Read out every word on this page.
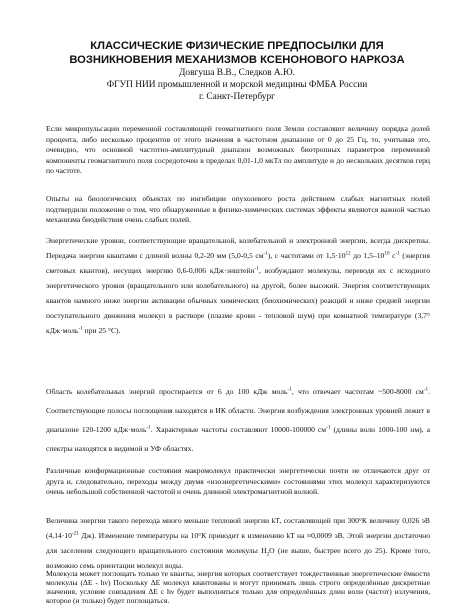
КЛАССИЧЕСКИЕ ФИЗИЧЕСКИЕ ПРЕДПОСЫЛКИ ДЛЯ

ВОЗНИКНОВЕНИЯ МЕХАНИЗМОВ КСЕНОНОВОГО НАРКОЗА

Довгуша В.В., Следков А.Ю.

ФГУП НИИ промышленной и морской медицины ФМБА России

г. Санкт-Петербург

Если микропульсации переменной составляющей геомагнитного поля Земли составляют величину порядка долей процента, либо несколько процентов от этого значения в частотном диапазоне от 0 до 25 Гц, то, учитывая это, очевидно, что основной частотно-амплитудный диапазон возможных биотропных параметров переменной компоненты геомагнитного поля сосредоточен в пределах 0,01-1,0 мкТл по амплитуде и до нескольких десятков герц по частоте.

Опыты на биологических объектах по ингибиции опухолевого роста действием слабых магнитных полей подтвердили положение о том, что обнаруженные в физико-химических системах эффекты являются важной частью механизма биодействия очень слабых полей.

Энергетические уровни, соответствующие вращательной, колебательной и электронной энергии, всегда дискретны. Передача энергии квантами с длиной волны 0,2-20 мм (5,0-0,5 $см^{-1}$), с частотами от $1,5\cdot 10^{12}$ до $1,5-10^{10}$ $с^{-1}$ (энергия световых квантов), несущих энергию 0,6-0,006 кДж·энштейн$^{-1}$, возбуждают молекулы, переводя их с исходного энергетического уровня (вращательного или колебательного) на другой, более высокий. Энергия соответствующих квантов намного ниже энергии активации обычных химических (биохимических) реакций и ниже средней энергии поступательного движения молекул в растворе (плазме крови - тепловой шум) при комнатной температуре (3,7° кДж·моль$^{-1}$ при 25 °С).

Область колебательных энергий простирается от 6 до 100 кДж моль$^{-1}$, что отвечает частотам ~500-8000 $см^{-1}$. Соответствующие полосы поглощения находятся в ИК области. Энергия возбуждения электронных уровней лежит в диапазоне 120-1200 кДж·моль$^{-1}$. Характерные частоты составляют 10000-100000 $см^{-1}$ (длины волн 1000-100 нм), а спектры находятся в видимой и УФ областях.

Различные конформационные состояния макромолекул практически энергетически почти не отличаются друг от друга и, следовательно, переходы между двумя «изоэнергетическими» состояниями этих молекул характеризуются очень небольшой собственной частотой и очень длинной электромагнитной волной.

Величина энергии такого перехода много меньше тепловой энергии kT, составляющей при 300°К величину 0,026 эВ ($4,14\cdot 10^{-21}$ Дж). Изменение температуры на 10°К приводит к изменению kT на ≈0,0009 эВ. Этой энергии достаточно для заселения следующего вращательного состояния молекулы $H_2O$ (не выше, быстрее всего до 25). Кроме того, возможно семь ориентации молекул воды.

Молекула может поглощать только те кванты, энергия которых соответствует тождественные энергетические ёмкости молекулы (ΔE - hν) Поскольку ΔE молекул квантованы и могут принимать лишь строго определённые дискретные значения, условие совпадения ΔE с hν будет выполняться только для определённых длин волн (частот) излучения, которое (и только) будет поглощаться.
